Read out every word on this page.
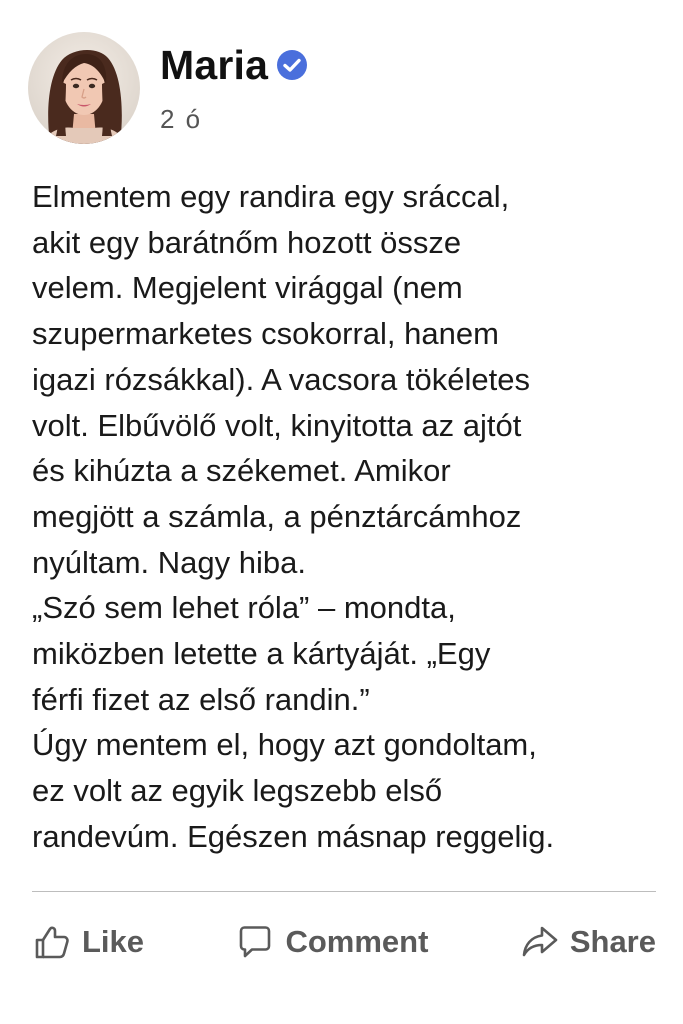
Maria
2 ó

Elmentem egy randira egy sráccal,
akit egy barátnőm hozott össze
velem. Megjelent virággal (nem
szupermarketes csokorral, hanem
igazi rózsákkal). A vacsora tökéletes
volt. Elbűvölő volt, kinyitotta az ajtót
és kihúzta a székemet. Amikor
megjött a számla, a pénztárcámhoz
nyúltam. Nagy hiba.

„Szó sem lehet róla” – mondta,
miközben letette a kártyáját. „Egy
férfi fizet az első randin.”

Úgy mentem el, hogy azt gondoltam,
ez volt az egyik legszebb első
randevúm. Egészen másnap reggelig.

Like	Comment	Share
